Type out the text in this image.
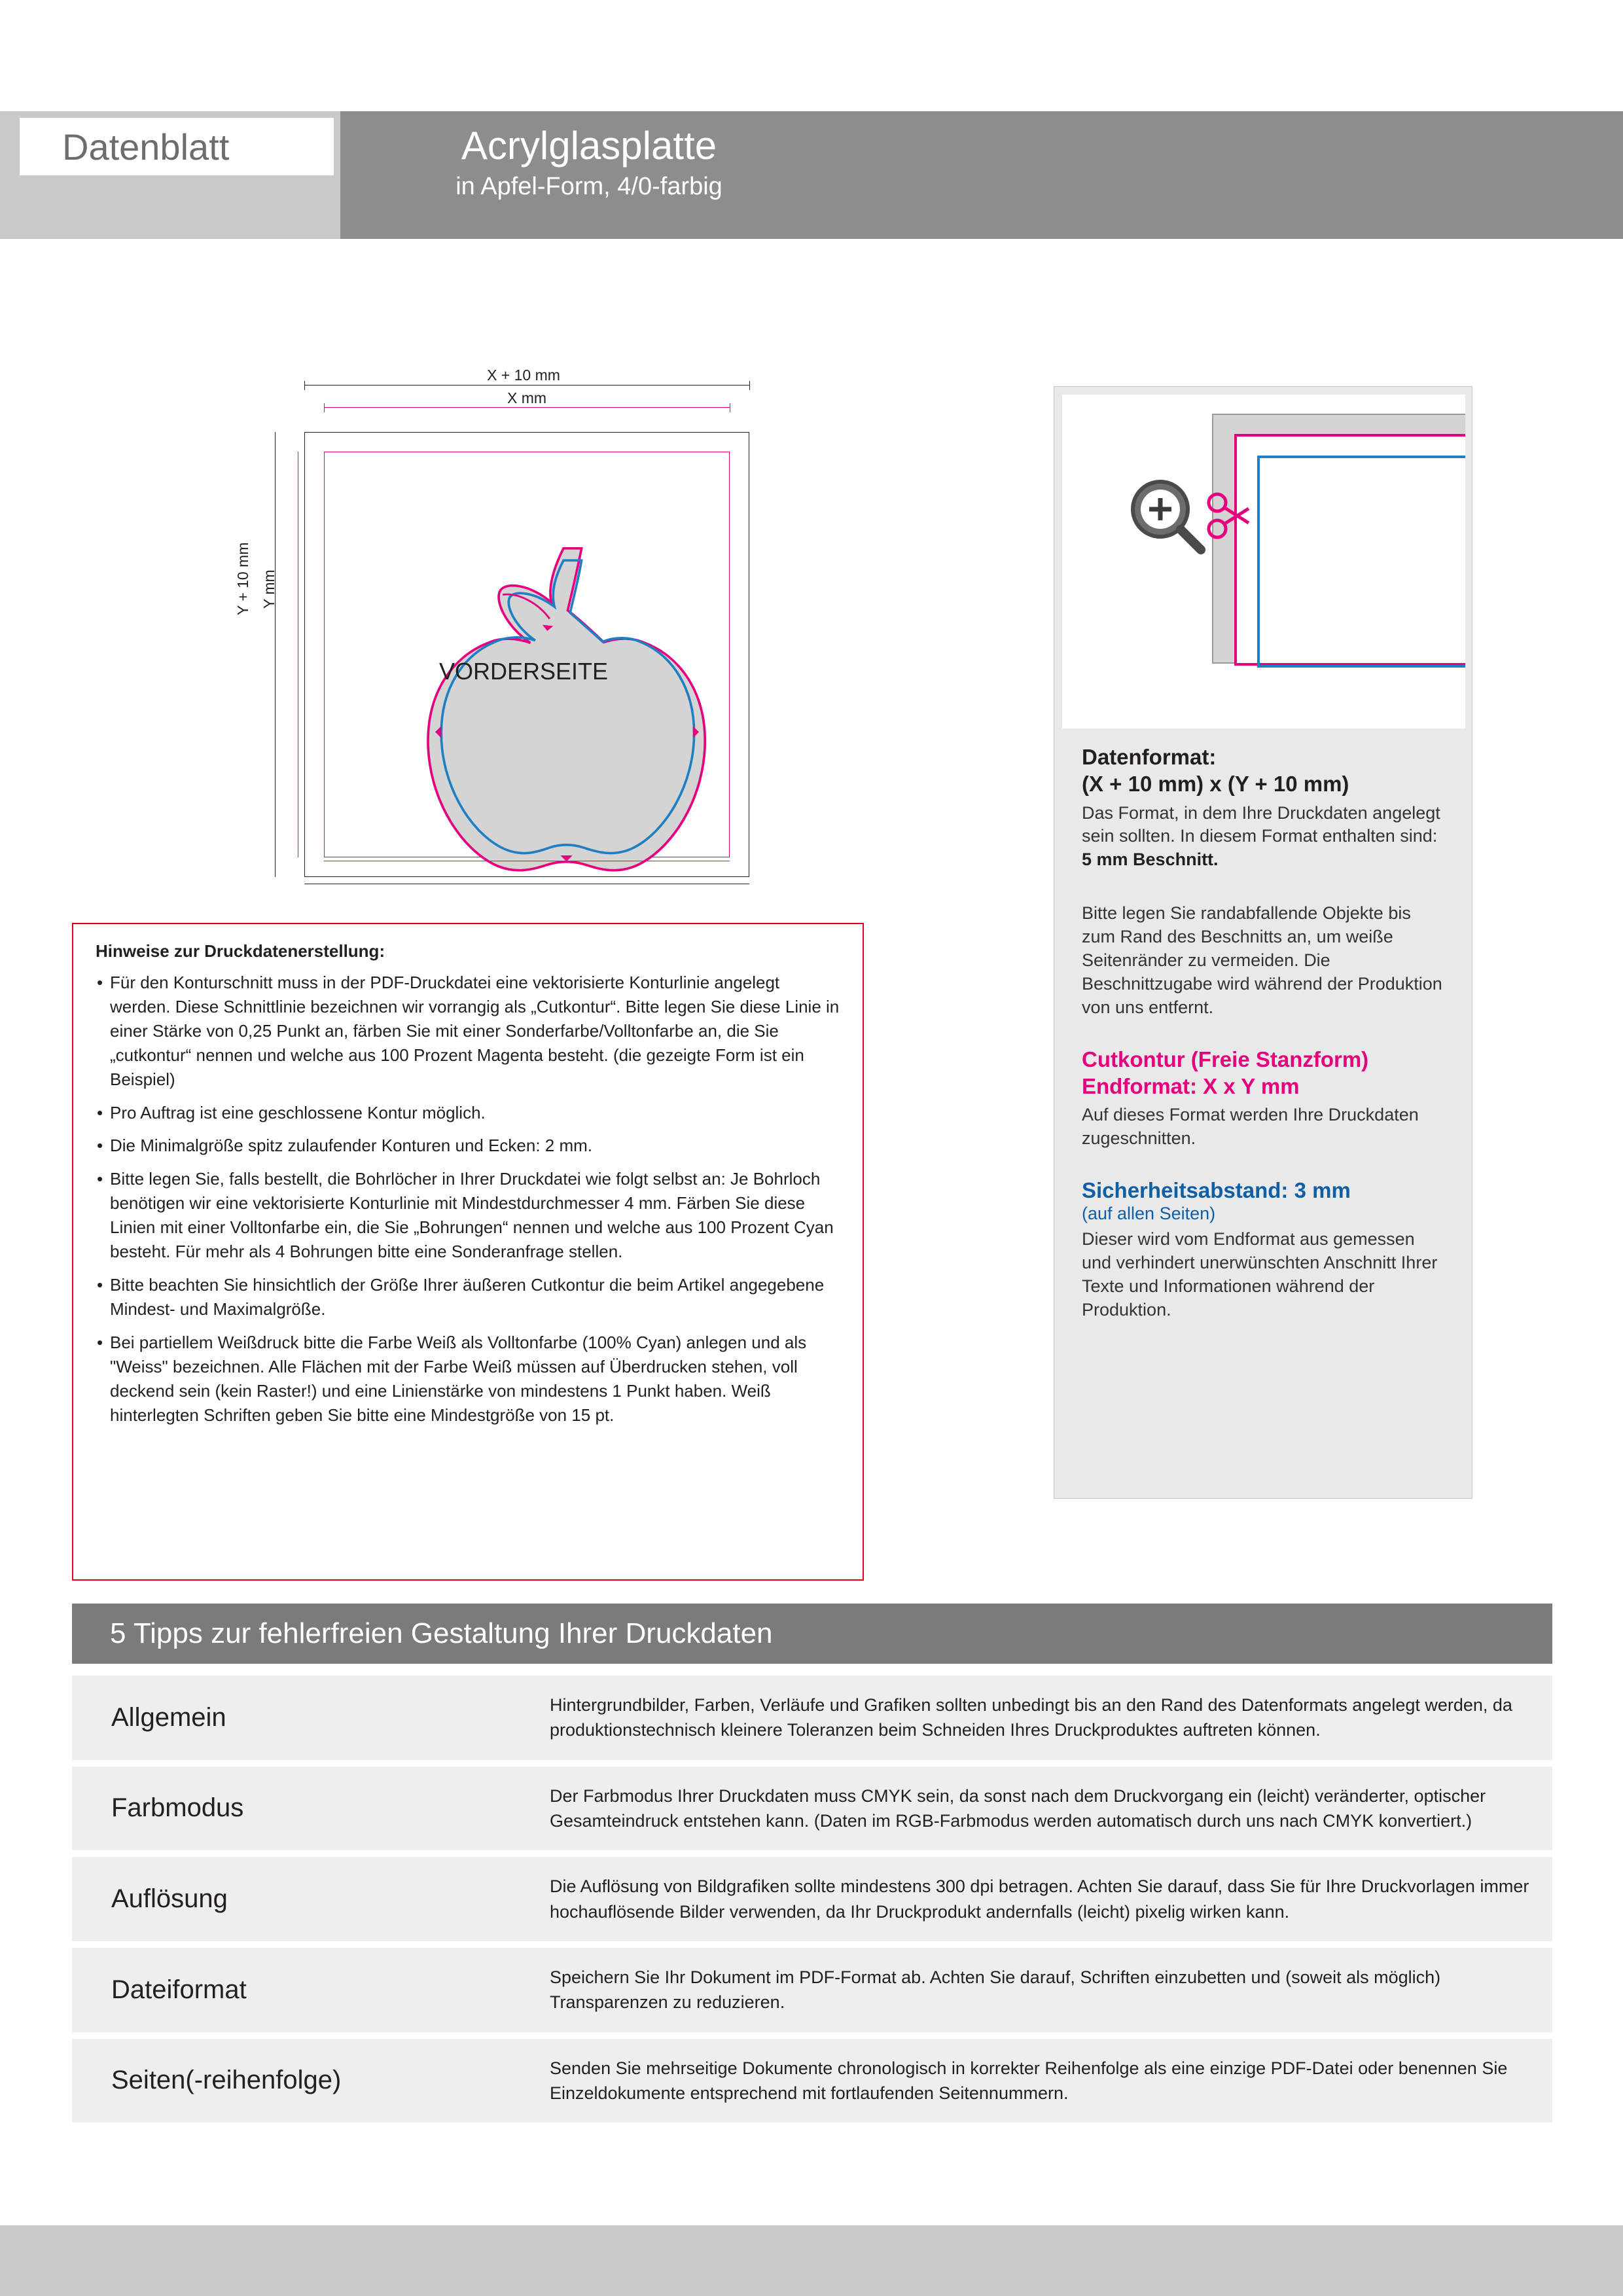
Datenblatt	Acrylglasplatte
in Apfel-Form, 4/0-farbig
X + 10 mm
X mm
Y + 10 mm Y mm
VORDERSEITE
Datenformat:
(X + 10 mm) x (Y + 10 mm)
Das Format, in dem Ihre Druckdaten angelegt sein sollten. In diesem Format enthalten sind: 5 mm Beschnitt.
Bitte legen Sie randabfallende Objekte bis zum Rand des Beschnitts an, um weiße Seitenränder zu vermeiden. Die Beschnittzugabe wird während der Produktion von uns entfernt.
Cutkontur (Freie Stanzform)
Endformat: X x Y mm
Auf dieses Format werden Ihre Druckdaten zugeschnitten.
Sicherheitsabstand: 3 mm
(auf allen Seiten)
Dieser wird vom Endformat aus gemessen und verhindert unerwünschten Anschnitt Ihrer Texte und Informationen während der Produktion.
Hinweise zur Druckdatenerstellung:
• Für den Konturschnitt muss in der PDF-Druckdatei eine vektorisierte Konturlinie angelegt werden. Diese Schnittlinie bezeichnen wir vorrangig als „Cutkontur“. Bitte legen Sie diese Linie in einer Stärke von 0,25 Punkt an, färben Sie mit einer Sonderfarbe/Volltonfarbe an, die Sie „cutkontur“ nennen und welche aus 100 Prozent Magenta besteht. (die gezeigte Form ist ein Beispiel)
• Pro Auftrag ist eine geschlossene Kontur möglich.
• Die Minimalgröße spitz zulaufender Konturen und Ecken: 2 mm.
• Bitte legen Sie, falls bestellt, die Bohrlöcher in Ihrer Druckdatei wie folgt selbst an: Je Bohrloch benötigen wir eine vektorisierte Konturlinie mit Mindestdurchmesser 4 mm. Färben Sie diese Linien mit einer Volltonfarbe ein, die Sie „Bohrungen“ nennen und welche aus 100 Prozent Cyan besteht. Für mehr als 4 Bohrungen bitte eine Sonderanfrage stellen.
• Bitte beachten Sie hinsichtlich der Größe Ihrer äußeren Cutkontur die beim Artikel angegebene Mindest- und Maximalgröße.
• Bei partiellem Weißdruck bitte die Farbe Weiß als Volltonfarbe (100% Cyan) anlegen und als "Weiss" bezeichnen. Alle Flächen mit der Farbe Weiß müssen auf Überdrucken stehen, voll deckend sein (kein Raster!) und eine Linienstärke von mindestens 1 Punkt haben. Weiß hinterlegten Schriften geben Sie bitte eine Mindestgröße von 15 pt.
5 Tipps zur fehlerfreien Gestaltung Ihrer Druckdaten
Allgemein	Hintergrundbilder, Farben, Verläufe und Grafiken sollten unbedingt bis an den Rand des Datenformats angelegt werden, da produktionstechnisch kleinere Toleranzen beim Schneiden Ihres Druckproduktes auftreten können.
Farbmodus	Der Farbmodus Ihrer Druckdaten muss CMYK sein, da sonst nach dem Druckvorgang ein (leicht) veränderter, optischer Gesamteindruck entstehen kann. (Daten im RGB-Farbmodus werden automatisch durch uns nach CMYK konvertiert.)
Auflösung	Die Auflösung von Bildgrafiken sollte mindestens 300 dpi betragen. Achten Sie darauf, dass Sie für Ihre Druckvorlagen immer hochauflösende Bilder verwenden, da Ihr Druckprodukt andernfalls (leicht) pixelig wirken kann.
Dateiformat	Speichern Sie Ihr Dokument im PDF-Format ab. Achten Sie darauf, Schriften einzubetten und (soweit als möglich) Transparenzen zu reduzieren.
Seiten(-reihenfolge)	Senden Sie mehrseitige Dokumente chronologisch in korrekter Reihenfolge als eine einzige PDF-Datei oder benennen Sie Einzeldokumente entsprechend mit fortlaufenden Seitennummern.
